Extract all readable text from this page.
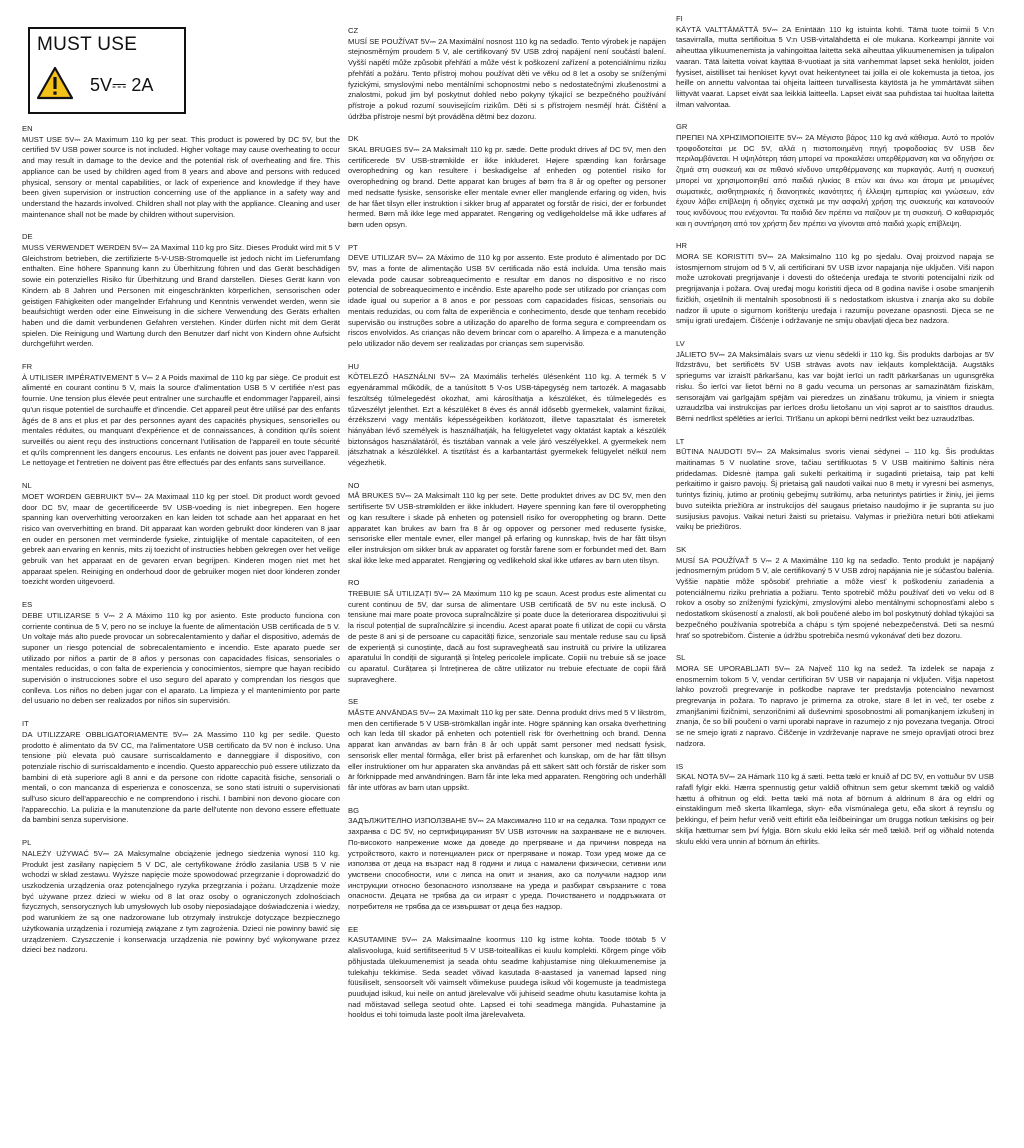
MUST USE
5V⎓ 2A
EN
MUST USE 5V⎓ 2A Maximum 110 kg per seat. This product is powered by DC 5V, but the certified 5V USB power source is not included. Higher voltage may cause overheating to occur and may result in damage to the device and the potential risk of overheating and fire. This appliance can be used by children aged from 8 years and above and persons with reduced physical, sensory or mental capabilities, or lack of experience and knowledge if they have been given supervision or instruction concerning use of the appliance in a safety way and understand the hazards involved. Children shall not play with the appliance. Cleaning and user maintenance shall not be made by children without supervision.
DE
MUSS VERWENDET WERDEN 5V⎓ 2A Maximal 110 kg pro Sitz. Dieses Produkt wird mit 5 V Gleichstrom betrieben, die zertifizierte 5-V-USB-Stromquelle ist jedoch nicht im Lieferumfang enthalten. Eine höhere Spannung kann zu Überhitzung führen und das Gerät beschädigen sowie ein potenzielles Risiko für Überhitzung und Brand darstellen. Dieses Gerät kann von Kindern ab 8 Jahren und Personen mit eingeschränkten körperlichen, sensorischen oder geistigen Fähigkeiten oder mangelnder Erfahrung und Kenntnis verwendet werden, wenn sie beaufsichtigt werden oder eine Einweisung in die sichere Verwendung des Geräts erhalten haben und die damit verbundenen Gefahren verstehen. Kinder dürfen nicht mit dem Gerät spielen. Die Reinigung und Wartung durch den Benutzer darf nicht von Kindern ohne Aufsicht durchgeführt werden.
FR
À UTILISER IMPÉRATIVEMENT 5 V⎓ 2 A Poids maximal de 110 kg par siège. Ce produit est alimenté en courant continu 5 V, mais la source d'alimentation USB 5 V certifiée n'est pas fournie. Une tension plus élevée peut entraîner une surchauffe et endommager l'appareil, ainsi qu'un risque potentiel de surchauffe et d'incendie. Cet appareil peut être utilisé par des enfants âgés de 8 ans et plus et par des personnes ayant des capacités physiques, sensorielles ou mentales réduites, ou manquant d'expérience et de connaissances, à condition qu'ils soient surveillés ou aient reçu des instructions concernant l'utilisation de l'appareil en toute sécurité et qu'ils comprennent les dangers encourus. Les enfants ne doivent pas jouer avec l'appareil. Le nettoyage et l'entretien ne doivent pas être effectués par des enfants sans surveillance.
NL
MOET WORDEN GEBRUIKT 5V⎓ 2A Maximaal 110 kg per stoel. Dit product wordt gevoed door DC 5V, maar de gecertificeerde 5V USB-voeding is niet inbegrepen. Een hogere spanning kan oververhitting veroorzaken en kan leiden tot schade aan het apparaat en het risico van oververhitting en brand. Dit apparaat kan worden gebruikt door kinderen van 8 jaar en ouder en personen met verminderde fysieke, zintuiglijke of mentale capaciteiten, of een gebrek aan ervaring en kennis, mits zij toezicht of instructies hebben gekregen over het veilige gebruik van het apparaat en de gevaren ervan begrijpen. Kinderen mogen niet met het apparaat spelen. Reiniging en onderhoud door de gebruiker mogen niet door kinderen zonder toezicht worden uitgevoerd.
ES
DEBE UTILIZARSE 5 V⎓ 2 A Máximo 110 kg por asiento. Este producto funciona con corriente continua de 5 V, pero no se incluye la fuente de alimentación USB certificada de 5 V. Un voltaje más alto puede provocar un sobrecalentamiento y dañar el dispositivo, además de suponer un riesgo potencial de sobrecalentamiento e incendio. Este aparato puede ser utilizado por niños a partir de 8 años y personas con capacidades físicas, sensoriales o mentales reducidas, o con falta de experiencia y conocimientos, siempre que hayan recibido supervisión o instrucciones sobre el uso seguro del aparato y comprendan los riesgos que conlleva. Los niños no deben jugar con el aparato. La limpieza y el mantenimiento por parte del usuario no deben ser realizados por niños sin supervisión.
IT
DA UTILIZZARE OBBLIGATORIAMENTE 5V⎓ 2A Massimo 110 kg per sedile. Questo prodotto è alimentato da 5V CC, ma l'alimentatore USB certificato da 5V non è incluso. Una tensione più elevata può causare surriscaldamento e danneggiare il dispositivo, con potenziale rischio di surriscaldamento e incendio. Questo apparecchio può essere utilizzato da bambini di età superiore agli 8 anni e da persone con ridotte capacità fisiche, sensoriali o mentali, o con mancanza di esperienza e conoscenza, se sono stati istruiti o supervisionati sull'uso sicuro dell'apparecchio e ne comprendono i rischi. I bambini non devono giocare con l'apparecchio. La pulizia e la manutenzione da parte dell'utente non devono essere effettuate da bambini senza supervisione.
PL
NALEŻY UŻYWAĆ 5V⎓ 2A Maksymalne obciążenie jednego siedzenia wynosi 110 kg. Produkt jest zasilany napięciem 5 V DC, ale certyfikowane źródło zasilania USB 5 V nie wchodzi w skład zestawu. Wyższe napięcie może spowodować przegrzanie i doprowadzić do uszkodzenia urządzenia oraz potencjalnego ryzyka przegrzania i pożaru. Urządzenie może być używane przez dzieci w wieku od 8 lat oraz osoby o ograniczonych zdolnościach fizycznych, sensorycznych lub umysłowych lub osoby nieposiadające doświadczenia i wiedzy, pod warunkiem że są one nadzorowane lub otrzymały instrukcje dotyczące bezpiecznego użytkowania urządzenia i rozumieją związane z tym zagrożenia. Dzieci nie powinny bawić się urządzeniem. Czyszczenie i konserwacja urządzenia nie powinny być wykonywane przez dzieci bez nadzoru.
CZ
MUSÍ SE POUŽÍVAT 5V⎓ 2A Maximální nosnost 110 kg na sedadlo. Tento výrobek je napájen stejnosměrným proudem 5 V, ale certifikovaný 5V USB zdroj napájení není součástí balení. Vyšší napětí může způsobit přehřátí a může vést k poškození zařízení a potenciálnímu riziku přehřátí a požáru. Tento přístroj mohou používat děti ve věku od 8 let a osoby se sníženými fyzickými, smyslovými nebo mentálními schopnostmi nebo s nedostatečnými zkušenostmi a znalostmi, pokud jim byl poskytnut dohled nebo pokyny týkající se bezpečného používání přístroje a pokud rozumí souvisejícím rizikům. Děti si s přístrojem nesmějí hrát. Čištění a údržba přístroje nesmí být prováděna dětmi bez dozoru.
DK
SKAL BRUGES 5V⎓ 2A Maksimalt 110 kg pr. sæde. Dette produkt drives af DC 5V, men den certificerede 5V USB-strømkilde er ikke inkluderet. Højere spænding kan forårsage overophedning og kan resultere i beskadigelse af enheden og potentiel risiko for overophedning og brand. Dette apparat kan bruges af børn fra 8 år og opefter og personer med nedsatte fysiske, sensoriske eller mentale evner eller manglende erfaring og viden, hvis de har fået tilsyn eller instruktion i sikker brug af apparatet og forstår de risici, der er forbundet hermed. Børn må ikke lege med apparatet. Rengøring og vedligeholdelse må ikke udføres af børn uden opsyn.
PT
DEVE UTILIZAR 5V⎓ 2A Máximo de 110 kg por assento. Este produto é alimentado por DC 5V, mas a fonte de alimentação USB 5V certificada não está incluída. Uma tensão mais elevada pode causar sobreaquecimento e resultar em danos no dispositivo e no risco potencial de sobreaquecimento e incêndio. Este aparelho pode ser utilizado por crianças com idade igual ou superior a 8 anos e por pessoas com capacidades físicas, sensoriais ou mentais reduzidas, ou com falta de experiência e conhecimento, desde que tenham recebido supervisão ou instruções sobre a utilização do aparelho de forma segura e compreendam os riscos envolvidos. As crianças não devem brincar com o aparelho. A limpeza e a manutenção pelo utilizador não devem ser realizadas por crianças sem supervisão.
HU
KÖTELEZŐ HASZNÁLNI 5V⎓ 2A Maximális terhelés ülésenként 110 kg. A termék 5 V egyenárammal működik, de a tanúsított 5 V-os USB-tápegység nem tartozék. A magasabb feszültség túlmelegedést okozhat, ami károsíthatja a készüléket, és túlmelegedés es tűzveszélyt jelenthet. Ezt a készüléket 8 éves és annál idősebb gyermekek, valamint fizikai, érzékszervi vagy mentális képességeikben korlátozott, illetve tapasztalat és ismeretek hiányában lévő személyek is használhatják, ha felügyeletet vagy oktatást kaptak a készülék biztonságos használatáról, és tisztában vannak a vele járó veszélyekkel. A gyermekek nem játszhatnak a készülékkel. A tisztítást és a karbantartást gyermekek felügyelet nélkül nem végezhetik.
NO
MÅ BRUKES 5V⎓ 2A Maksimalt 110 kg per sete. Dette produktet drives av DC 5V, men den sertifiserte 5V USB-strømkilden er ikke inkludert. Høyere spenning kan føre til overoppheting og kan resultere i skade på enheten og potensiell risiko for overoppheting og brann. Dette apparatet kan brukes av barn fra 8 år og oppover og personer med reduserte fysiske, sensoriske eller mentale evner, eller mangel på erfaring og kunnskap, hvis de har fått tilsyn eller instruksjon om sikker bruk av apparatet og forstår farene som er forbundet med det. Barn skal ikke leke med apparatet. Rengjøring og vedlikehold skal ikke utføres av barn uten tilsyn.
RO
TREBUIE SĂ UTILIZAȚI 5V⎓ 2A Maximum 110 kg pe scaun. Acest produs este alimentat cu curent continuu de 5V, dar sursa de alimentare USB certificată de 5V nu este inclusă. O tensiune mai mare poate provoca supraîncălzire și poate duce la deteriorarea dispozitivului și la riscul potențial de supraîncălzire și incendiu. Acest aparat poate fi utilizat de copii cu vârsta de peste 8 ani și de persoane cu capacități fizice, senzoriale sau mentale reduse sau cu lipsă de experiență și cunoștințe, dacă au fost supravegheată sau instruită cu privire la utilizarea aparatului în condiții de siguranță și înțeleg pericolele implicate. Copiii nu trebuie să se joace cu aparatul. Curățarea și întreținerea de către utilizator nu trebuie efectuate de copii fără supraveghere.
SE
MÅSTE ANVÄNDAS 5V⎓ 2A Maximalt 110 kg per säte. Denna produkt drivs med 5 V likström, men den certifierade 5 V USB-strömkällan ingår inte. Högre spänning kan orsaka överhettning och kan leda till skador på enheten och potentiell risk för överhettning och brand. Denna apparat kan användas av barn från 8 år och uppåt samt personer med nedsatt fysisk, sensorisk eller mental förmåga, eller brist på erfarenhet och kunskap, om de har fått tillsyn eller instruktioner om hur apparaten ska användas på ett säkert sätt och förstår de risker som är förknippade med användningen. Barn får inte leka med apparaten. Rengöring och underhåll får inte utföras av barn utan uppsikt.
BG
ЗАДЪЛЖИТЕЛНО ИЗПОЛЗВАНЕ 5V⎓ 2A Максимално 110 кг на седалка. Този продукт се захранва с DC 5V, но сертифицираният 5V USB източник на захранване не е включен. По-високото напрежение може да доведе до прегряване и да причини повреда на устройството, както и потенциален риск от прегряване и пожар. Този уред може да се използва от деца на възраст над 8 години и лица с намалени физически, сетивни или умствени способности, или с липса на опит и знания, ако са получили надзор или инструкции относно безопасното използване на уреда и разбират свързаните с това опасности. Децата не трябва да си играят с уреда. Почистването и поддръжката от потребителя не трябва да се извършват от деца без надзор.
EE
KASUTAMINE 5V⎓ 2A Maksimaalne koormus 110 kg istme kohta. Toode töötab 5 V alalisvooluga, kuid sertifitseeritud 5 V USB-toiteallikas ei kuulu komplekti. Kõrgem pinge võib põhjustada ülekuumenemist ja seada ohtu seadme kahjustamise ning ülekuumenemise ja tulekahju tekkimise. Seda seadet võivad kasutada 8-aastased ja vanemad lapsed ning füüsiliselt, sensoorselt või vaimselt võimekuse puudega isikud või kogemuste ja teadmistega puudujad isikud, kui neile on antud järelevalve või juhiseid seadme ohutu kasutamise kohta ja nad mõistavad sellega seotud ohte. Lapsed ei tohi seadmega mängida. Puhastamine ja hooldus ei tohi toimuda laste poolt ilma järelevalveta.
FI
KÄYTÄ VALTTÄMÄTTÄ 5V⎓ 2A Enintään 110 kg istuinta kohti. Tämä tuote toimii 5 V:n tasavirralla, mutta sertifioitua 5 V:n USB-virtalähdettä ei ole mukana. Korkeampi jännite voi aiheuttaa ylikuumenemista ja vahingoittaa laitetta sekä aiheuttaa ylikuumenemisen ja tulipalon vaaran. Tätä laitetta voivat käyttää 8-vuotiaat ja sitä vanhemmat lapset sekä henkilöt, joiden fyysiset, aistilliset tai henkiset kyvyt ovat heikentyneet tai joilla ei ole kokemusta ja tietoa, jos heille on annettu valvontaa tai ohjeita laitteen turvallisesta käytöstä ja he ymmärtävät siihen liittyvät vaarat. Lapset eivät saa leikkiä laitteella. Lapset eivät saa puhdistaa tai huoltaa laitetta ilman valvontaa.
GR
ΠΡΕΠΕΙ ΝΑ ΧΡΗΣΙΜΟΠΟΙΕΙΤΕ 5V⎓ 2A Μέγιστο βάρος 110 kg ανά κάθισμα. Αυτό το προϊόν τροφοδοτείται με DC 5V, αλλά η πιστοποιημένη πηγή τροφοδοσίας 5V USB δεν περιλαμβάνεται. Η υψηλότερη τάση μπορεί να προκαλέσει υπερθέρμανση και να οδηγήσει σε ζημιά στη συσκευή και σε πιθανό κίνδυνο υπερθέρμανσης και πυρκαγιάς. Αυτή η συσκευή μπορεί να χρησιμοποιηθεί από παιδιά ηλικίας 8 ετών και άνω και άτομα με μειωμένες σωματικές, αισθητηριακές ή διανοητικές ικανότητες ή έλλειψη εμπειρίας και γνώσεων, εάν έχουν λάβει επίβλεψη ή οδηγίες σχετικά με την ασφαλή χρήση της συσκευής και κατανοούν τους κινδύνους που ενέχονται. Τα παιδιά δεν πρέπει να παίζουν με τη συσκευή. Ο καθαρισμός και η συντήρηση από τον χρήστη δεν πρέπει να γίνονται από παιδιά χωρίς επίβλεψη.
HR
MORA SE KORISTITI 5V⎓ 2A Maksimalno 110 kg po sjedalu. Ovaj proizvod napaja se istosmjernom strujom od 5 V, ali certificirani 5V USB izvor napajanja nije uključen. Viši napon može uzrokovati pregrijavanje i dovesti do oštećenja uređaja te stvoriti potencijalni rizik od pregrijavanja i požara. Ovaj uređaj mogu koristiti djeca od 8 godina naviše i osobe smanjenih fizičkih, osjetilnih ili mentalnih sposobnosti ili s nedostatkom iskustva i znanja ako su dobile nadzor ili upute o sigurnom korištenju uređaja i razumiju povezane opasnosti. Djeca se ne smiju igrati uređajem. Čišćenje i održavanje ne smiju obavljati djeca bez nadzora.
LV
JĀLIETO 5V⎓ 2A Maksimālais svars uz vienu sēdekli ir 110 kg. Šis produkts darbojas ar 5V līdzstrāvu, bet sertificēts 5V USB strāvas avots nav iekļauts komplektācijā. Augstāks spriegums var izraisīt pārkaršanu, kas var bojāt ierīci un radīt pārkaršanas un ugunsgrēka risku. Šo ierīci var lietot bērni no 8 gadu vecuma un personas ar samazinātām fiziskām, sensorajām vai garīgajām spējām vai pieredzes un zināšanu trūkumu, ja viniem ir sniegta uzraudzība vai instrukcijas par ierīces drošu lietošanu un viņi saprot ar to saistītos draudus. Bērni nedrīkst spēlēties ar ierīci. Tīrīšanu un apkopi bērni nedrīkst veikt bez uzraudzības.
LT
BŪTINA NAUDOTI 5V⎓ 2A Maksimalus svoris vienai sėdynei – 110 kg. Šis produktas maitinamas 5 V nuolatine srove, tačiau sertifikuotas 5 V USB maitinimo šaltinis nėra pridedamas. Didesnė įtampa gali sukelti perkaitimą ir sugadinti prietaisą, taip pat kelti perkaitimo ir gaisro pavojų. Šį prietaisą gali naudoti vaikai nuo 8 metų ir vyresni bei asmenys, turintys fizinių, jutimo ar protinių gebejimų sutrikimų, arba neturintys patirties ir žinių, jei jiems buvo suteikta priežiūra ar instrukcijos dėl saugaus prietaiso naudojimo ir jie supranta su juo susijusius pavojus. Vaikai neturi žaisti su prietaisu. Valymas ir priežiūra neturi būti atliekami vaikų be priežiūros.
SK
MUSÍ SA POUŽÍVAŤ 5 V⎓ 2 A Maximálne 110 kg na sedadlo. Tento produkt je napájaný jednosmerným prúdom 5 V, ale certifikovaný 5 V USB zdroj napájania nie je súčasťou balenia. Vyššie napätie môže spôsobiť prehriatie a môže viesť k poškodeniu zariadenia a potenciálnemu riziku prehriatia a požiaru. Tento spotrebič môžu používať deti vo veku od 8 rokov a osoby so zníženými fyzickými, zmyslovými alebo mentálnymi schopnosťami alebo s nedostatkom skúseností a znalostí, ak boli poučené alebo im bol poskytnutý dohlad týkajúci sa bezpečného používania spotrebiča a chápu s tým spojené nebezpečenstvá. Deti sa nesmú hrať so spotrebičom. Čistenie a údržbu spotrebiča nesmú vykonávať deti bez dozoru.
SL
MORA SE UPORABLJATI 5V⎓ 2A Največ 110 kg na sedež. Ta izdelek se napaja z enosmernim tokom 5 V, vendar certificiran 5V USB vir napajanja ni vključen. Višja napetost lahko povzroči pregrevanje in poškodbe naprave ter predstavlja potencialno nevarnost pregrevanja in požara. To napravo je primerna za otroke, stare 8 let in več, ter osebe z zmanjšanimi fizičnimi, senzoričnimi ali duševnimi sposobnostmi ali pomanjkanjem izkušenj in znanja, če so bili poučeni o varni uporabi naprave in razumejo z njo povezana tveganja. Otroci se ne smejo igrati z napravo. Čiščenje in vzdrževanje naprave ne smejo opravljati otroci brez nadzora.
IS
SKAL NOTA 5V⎓ 2A Hámark 110 kg á sæti. Þetta tæki er knuið af DC 5V, en vottuður 5V USB rafafl fylgir ekki. Hærra spennustig getur valdið ofhitnun sem getur skemmt tækið og valdið hættu á ofhitnun og eldi. Þetta tæki má nota af börnum á aldrinum 8 ára og eldri og einstaklingum með skerta líkamlega, skyn- eða vísmúnalega getu, eða skort á reynslu og þekkingu, ef þeim hefur verið veitt eftirlit eða leiðbeiningar um örugga notkun tækisins og þeir skilja hætturnar sem því fylgja. Börn skulu ekki leika sér með tækið. Þrif og viðhald notenda skulu ekki vera unnin af börnum án eftirlits.
